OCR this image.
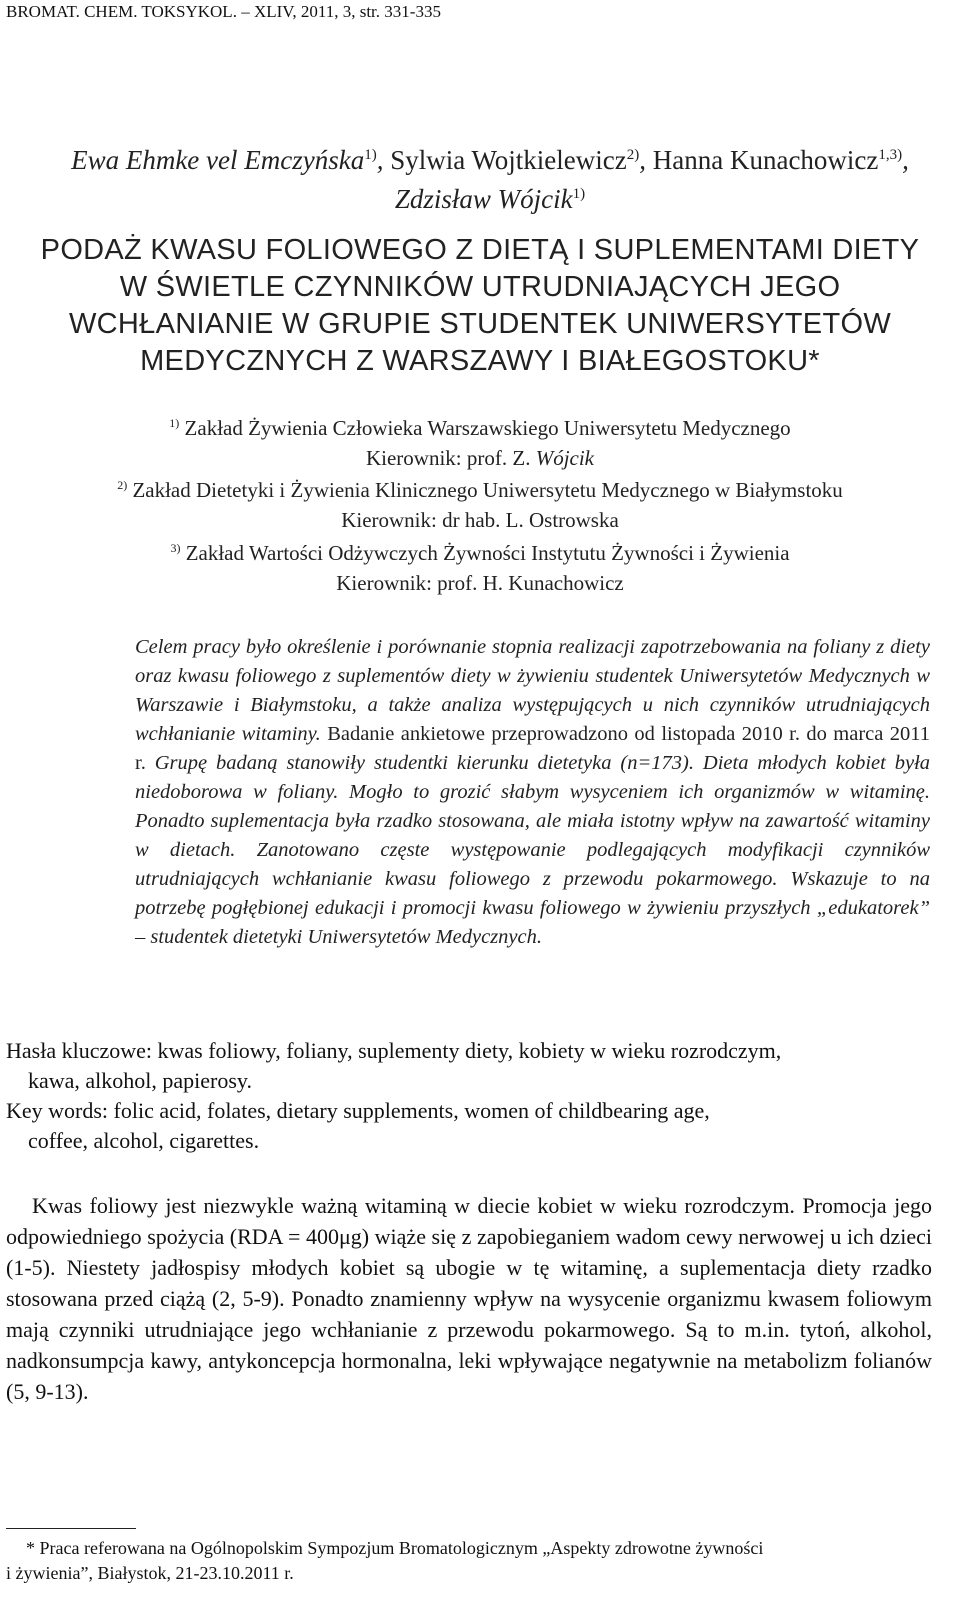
BROMAT. CHEM. TOKSYKOL. – XLIV, 2011, 3, str. 331-335
Ewa Ehmke vel Emczyńska$^{1)}$, Sylwia Wojtkielewicz$^{2)}$, Hanna Kunachowicz$^{1,3)}$,
Zdzisław Wójcik$^{1)}$
PODAŻ KWASU FOLIOWEGO Z DIETĄ I SUPLEMENTAMI DIETY
W ŚWIETLE CZYNNIKÓW UTRUDNIAJĄCYCH JEGO
WCHŁANIANIE W GRUPIE STUDENTEK UNIWERSYTETÓW
MEDYCZNYCH Z WARSZAWY I BIAŁEGOSTOKU*
$^{1)}$ Zakład Żywienia Człowieka Warszawskiego Uniwersytetu Medycznego
Kierownik: prof. Z. Wójcik
$^{2)}$ Zakład Dietetyki i Żywienia Klinicznego Uniwersytetu Medycznego w Białymstoku
Kierownik: dr hab. L. Ostrowska
$^{3)}$ Zakład Wartości Odżywczych Żywności Instytutu Żywności i Żywienia
Kierownik: prof. H. Kunachowicz
Celem pracy było określenie i porównanie stopnia realizacji zapotrzebowania na foliany z diety oraz kwasu foliowego z suplementów diety w żywieniu studentek Uniwersytetów Medycznych w Warszawie i Białymstoku, a także analiza występujących u nich czynników utrudniających wchłanianie witaminy. Badanie ankietowe przeprowadzono od listopada 2010 r. do marca 2011 r. Grupę badaną stanowiły studentki kierunku dietetyka (n=173). Dieta młodych kobiet była niedoborowa w foliany. Mogło to grozić słabym wysyceniem ich organizmów w witaminę. Ponadto suplementacja była rzadko stosowana, ale miała istotny wpływ na zawartość witaminy w dietach. Zanotowano częste występowanie podlegających modyfikacji czynników utrudniających wchłanianie kwasu foliowego z przewodu pokarmowego. Wskazuje to na potrzebę pogłębionej edukacji i promocji kwasu foliowego w żywieniu przyszłych „edukatorek” – studentek dietetyki Uniwersytetów Medycznych.
Hasła kluczowe: kwas foliowy, foliany, suplementy diety, kobiety w wieku rozrodczym,
kawa, alkohol, papierosy.
Key words: folic acid, folates, dietary supplements, women of childbearing age,
coffee, alcohol, cigarettes.
Kwas foliowy jest niezwykle ważną witaminą w diecie kobiet w wieku rozrodczym. Promocja jego odpowiedniego spożycia (RDA = 400μg) wiąże się z zapobieganiem wadom cewy nerwowej u ich dzieci (1-5). Niestety jadłospisy młodych kobiet są ubogie w tę witaminę, a suplementacja diety rzadko stosowana przed ciążą (2, 5-9). Ponadto znamienny wpływ na wysycenie organizmu kwasem foliowym mają czynniki utrudniające jego wchłanianie z przewodu pokarmowego. Są to m.in. tytoń, alkohol, nadkonsumpcja kawy, antykoncepcja hormonalna, leki wpływające negatywnie na metabolizm folianów (5, 9-13).
* Praca referowana na Ogólnopolskim Sympozjum Bromatologicznym „Aspekty zdrowotne żywności
i żywienia”, Białystok, 21-23.10.2011 r.
